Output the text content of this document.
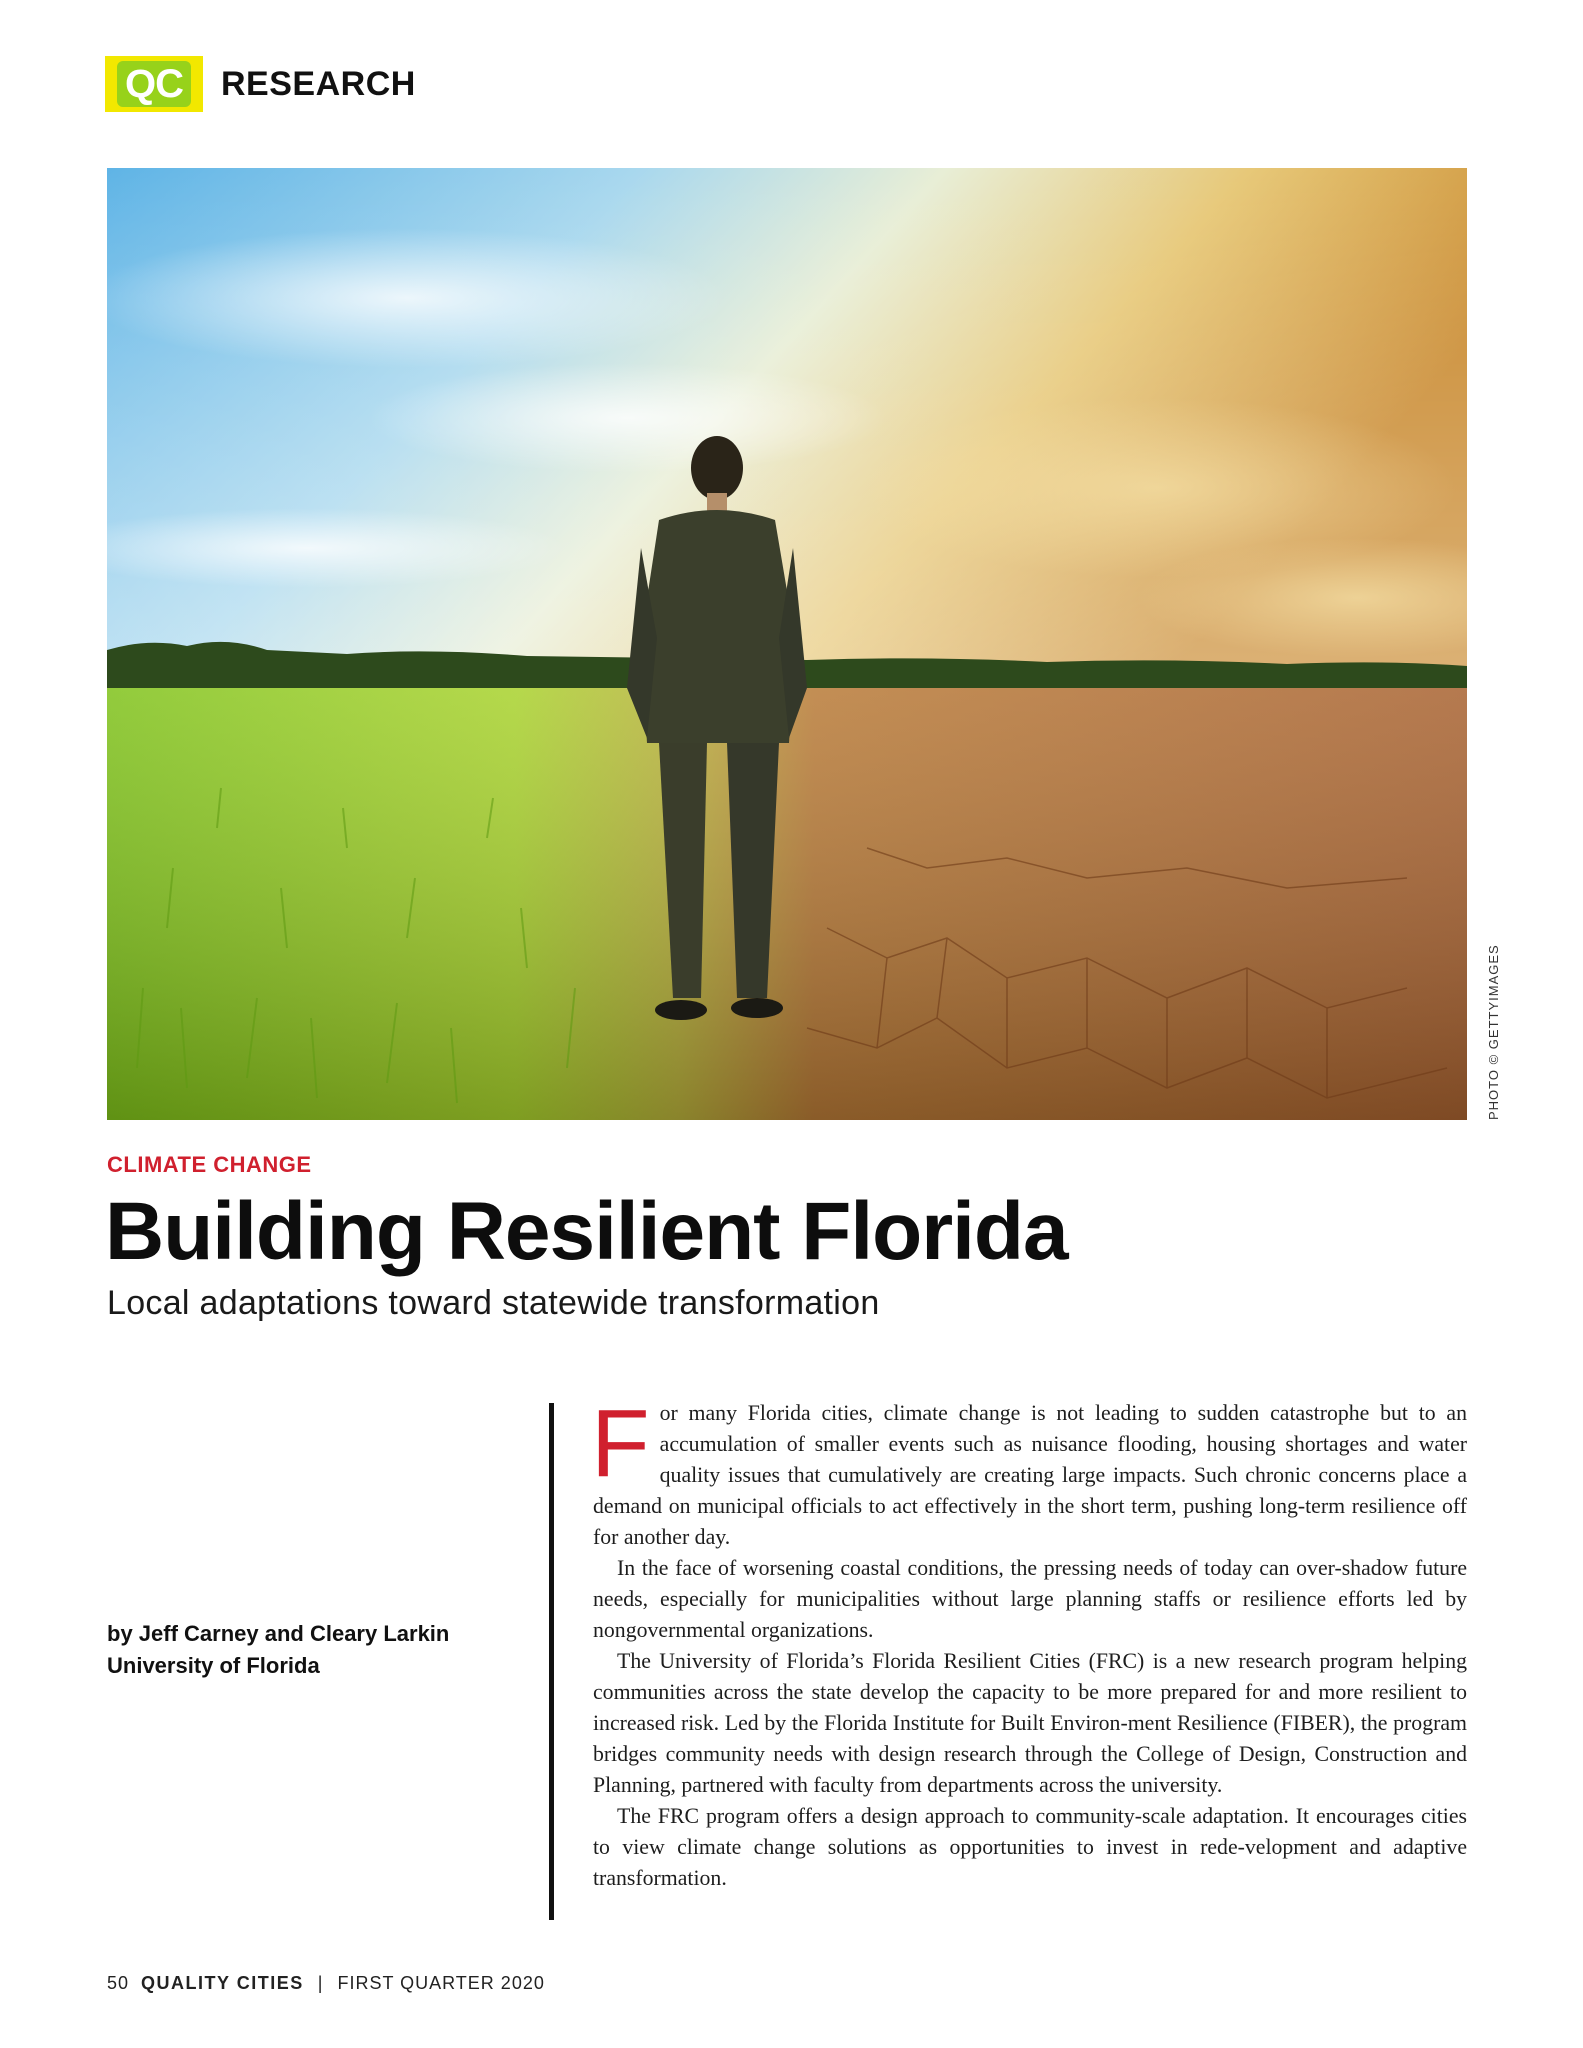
QC RESEARCH
PHOTO © GETTYIMAGES
CLIMATE CHANGE
Building Resilient Florida
Local adaptations toward statewide transformation
by Jeff Carney and Cleary Larkin
University of Florida

For many Florida cities, climate change is not leading to sudden catastrophe but to an accumulation of smaller events such as nuisance flooding, housing shortages and water quality issues that cumulatively are creating large impacts. Such chronic concerns place a demand on municipal officials to act effectively in the short term, pushing long-term resilience off for another day.

In the face of worsening coastal conditions, the pressing needs of today can over-shadow future needs, especially for municipalities without large planning staffs or resilience efforts led by nongovernmental organizations.

The University of Florida’s Florida Resilient Cities (FRC) is a new research program helping communities across the state develop the capacity to be more prepared for and more resilient to increased risk. Led by the Florida Institute for Built Environ-ment Resilience (FIBER), the program bridges community needs with design research through the College of Design, Construction and Planning, partnered with faculty from departments across the university.

The FRC program offers a design approach to community-scale adaptation. It encourages cities to view climate change solutions as opportunities to invest in rede-velopment and adaptive transformation.

50 QUALITY CITIES | FIRST QUARTER 2020
